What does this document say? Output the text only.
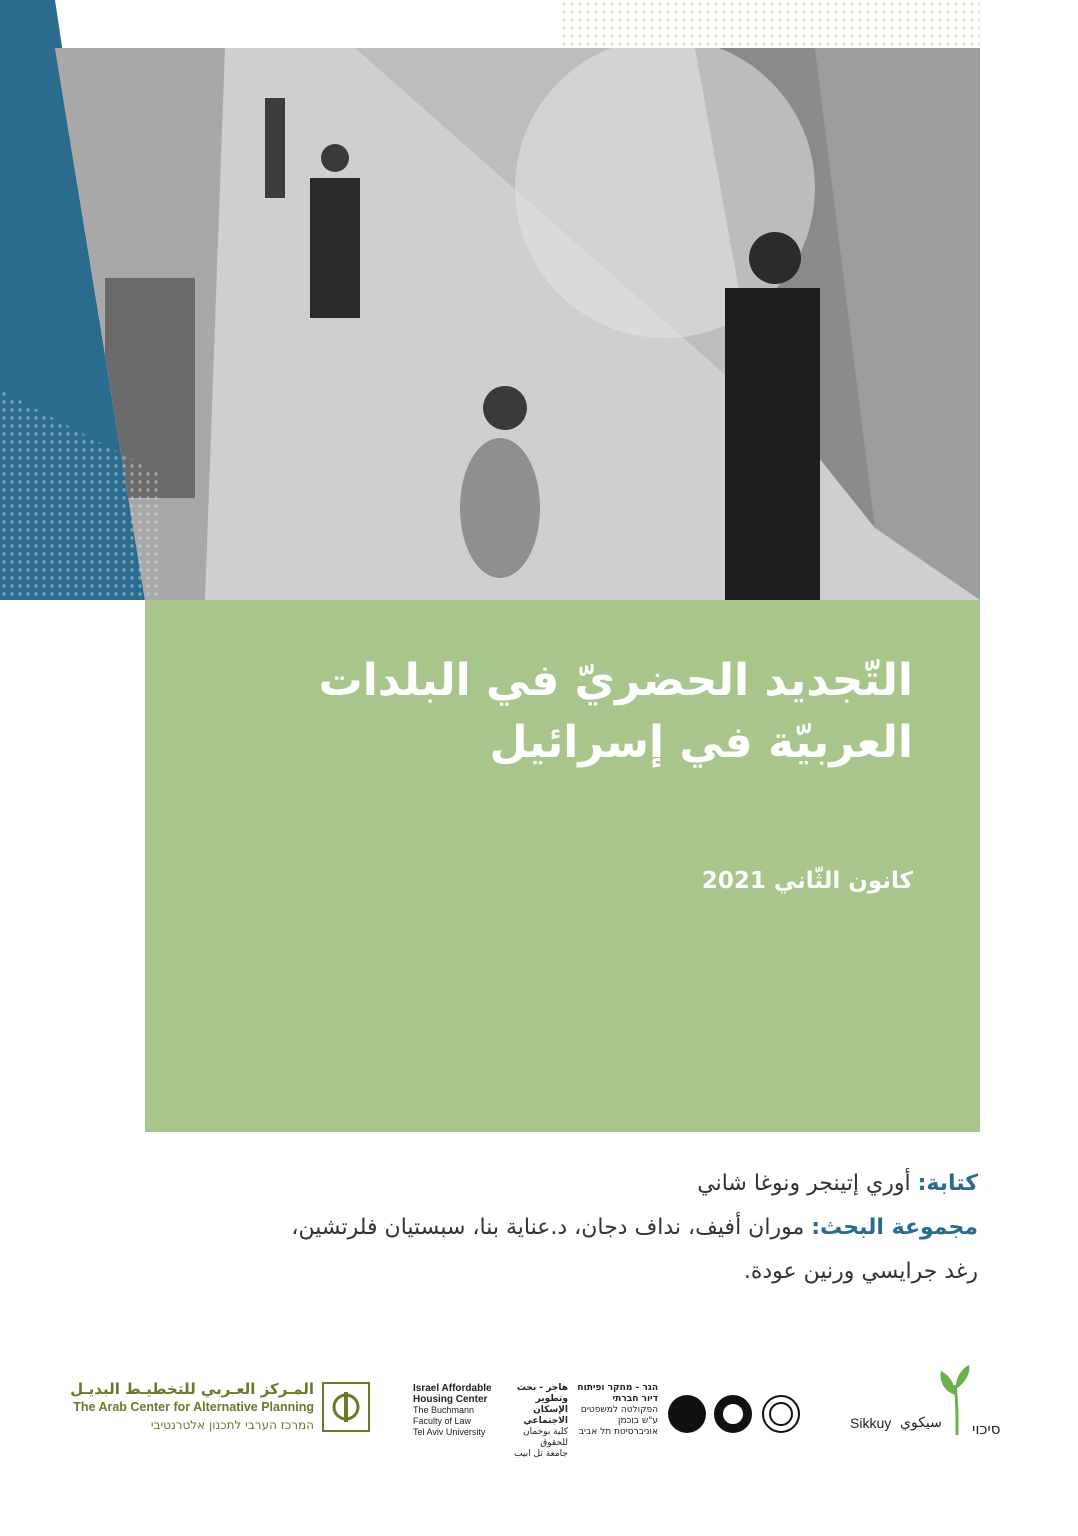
التّجديد الحضريّ في البلدات
العربيّة في إسرائيل
كانون الثّاني 2021
كتابة: أوري إتينجر ونوغا شاني
مجموعة البحث: موران أفيف، نداف دجان، د.عناية بنا، سبستيان فلرتشين،
رغد جرايسي ورنين عودة.
المـركز العـربي للتخطيـط البديـل
The Arab Center for Alternative Planning
המרכז הערבי לתכנון אלטרנטיבי
Israel Affordable
Housing Center
The Buchmann
Faculty of Law
Tel Aviv University
هاجر - بحث وتطوير
الإسكان الاجتماعي
كلية بوخمان
للحقوق
جامعة تل ابيب
הגר - מחקר ופיתוח
דיור חברתי
הפקולטה למשפטים
ע"ש בוכמן
אוניברסיטת תל אביב
Sikkuy سيكوي סיכוי
